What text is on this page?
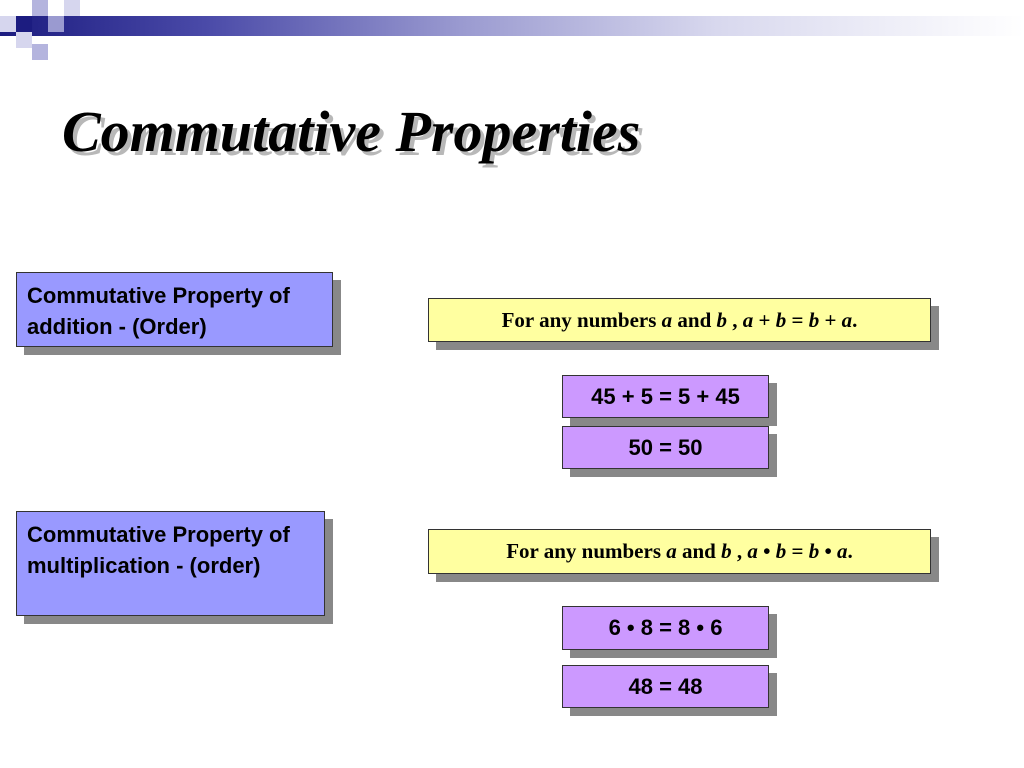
Commutative Properties
Commutative Property of addition - (Order)	For any numbers a and b , a + b = b + a.
45 + 5 = 5 + 45
50 = 50
Commutative Property of multiplication - (order)
For any numbers a and b , a • b = b • a.
6 • 8 = 8 • 6
48 = 48
